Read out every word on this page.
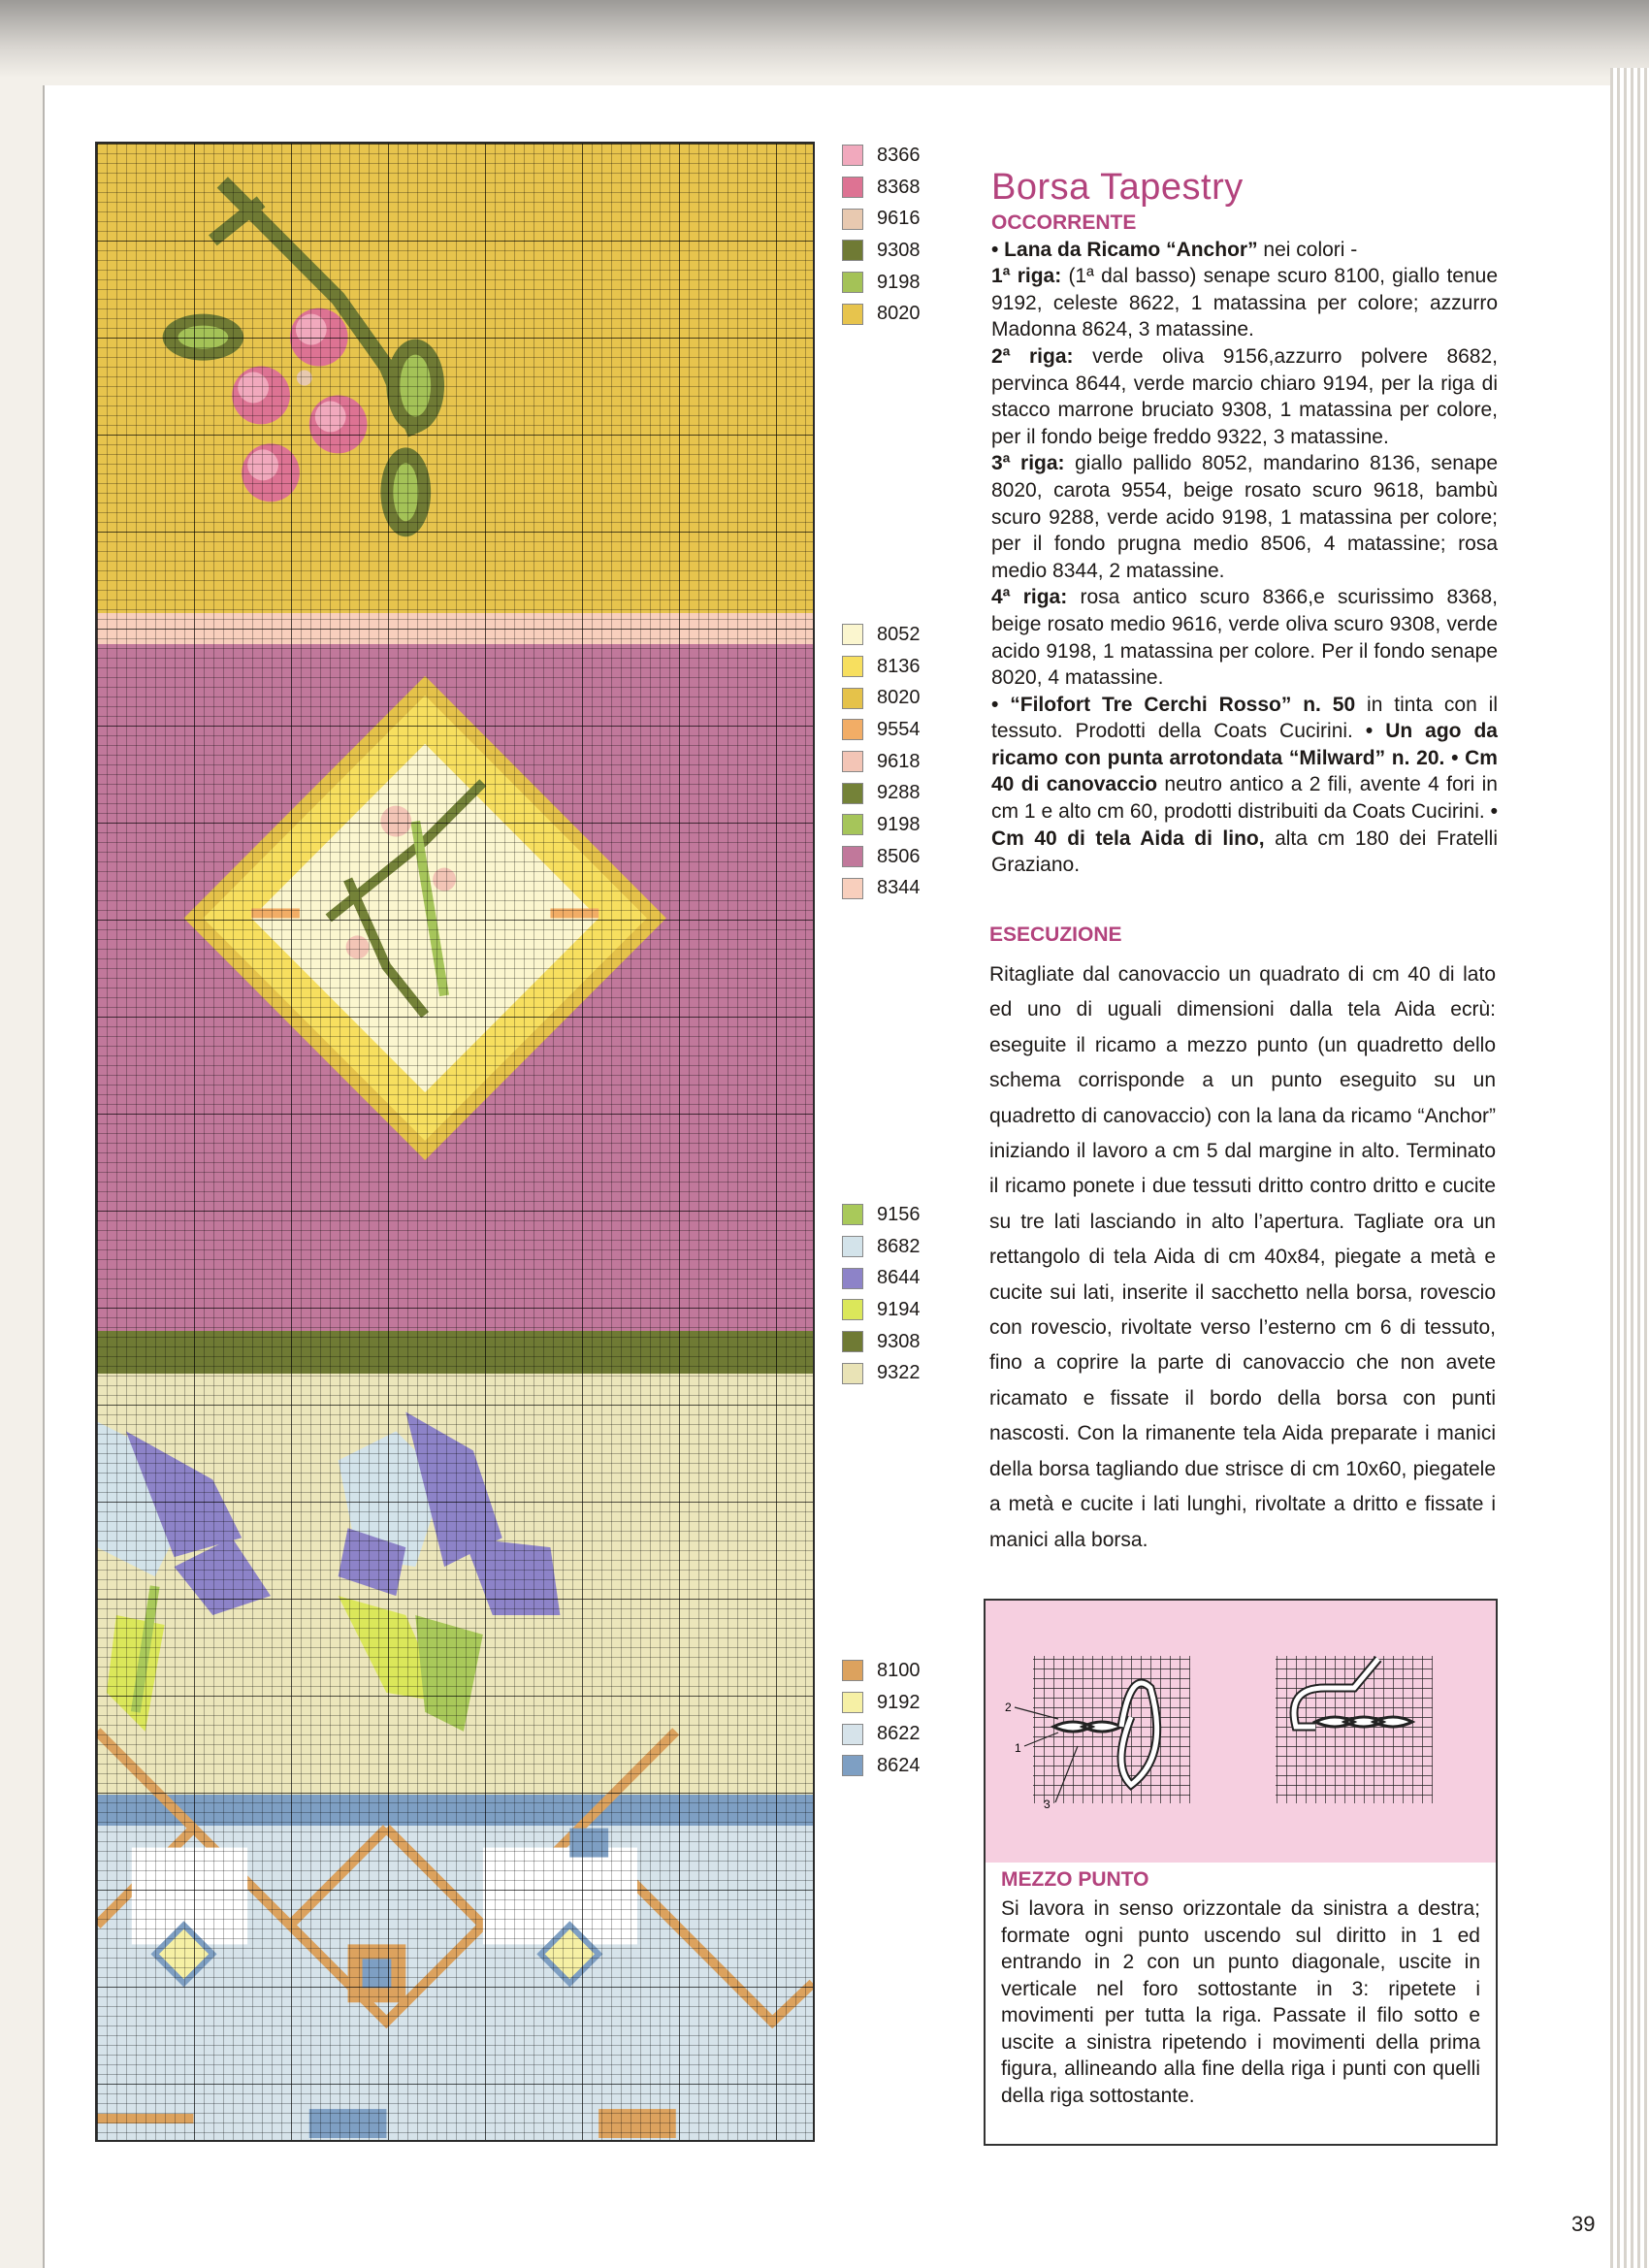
8366
8368
9616
9308
9198
8020
8052
8136
8020
9554
9618
9288
9198
8506
8344
9156
8682
8644
9194
9308
9322
8100
9192
8622
8624
Borsa Tapestry

OCCORRENTE

• Lana da Ricamo “Anchor” nei colori -

1ª riga: (1ª dal basso) senape scuro 8100, giallo tenue 9192, celeste 8622, 1 matassina per colore; azzurro Madonna 8624, 3 matassine.

2ª riga: verde oliva 9156,azzurro polvere 8682, pervinca 8644, verde marcio chiaro 9194, per la riga di stacco marrone bruciato 9308, 1 matassina per colore, per il fondo beige freddo 9322, 3 matassine.

3ª riga: giallo pallido 8052, mandarino 8136, senape 8020, carota 9554, beige rosato scuro 9618, bambù scuro 9288, verde acido 9198, 1 matassina per colore; per il fondo prugna medio 8506, 4 matassine; rosa medio 8344, 2 matassine.

4ª riga: rosa antico scuro 8366,e scurissimo 8368, beige rosato medio 9616, verde oliva scuro 9308, verde acido 9198, 1 matassina per colore. Per il fondo senape 8020, 4 matassine.

• “Filofort Tre Cerchi Rosso” n. 50 in tinta con il tessuto. Prodotti della Coats Cucirini. • Un ago da ricamo con punta arrotondata “Milward” n. 20. • Cm 40 di canovaccio neutro antico a 2 fili, avente 4 fori in cm 1 e alto cm 60, prodotti distribuiti da Coats Cucirini. • Cm 40 di tela Aida di lino, alta cm 180 dei Fratelli Graziano.

ESECUZIONE

Ritagliate dal canovaccio un quadrato di cm 40 di lato ed uno di uguali dimensioni dalla tela Aida ecrù: eseguite il ricamo a mezzo punto (un quadretto dello schema corrisponde a un punto eseguito su un quadretto di canovaccio) con la lana da ricamo “Anchor” iniziando il lavoro a cm 5 dal margine in alto. Terminato il ricamo ponete i due tessuti dritto contro dritto e cucite su tre lati lasciando in alto l’apertura. Tagliate ora un rettangolo di tela Aida di cm 40x84, piegate a metà e cucite sui lati, inserite il sacchetto nella borsa, rovescio con rovescio, rivoltate verso l’esterno cm 6 di tessuto, fino a coprire la parte di canovaccio che non avete ricamato e fissate il bordo della borsa con punti nascosti. Con la rimanente tela Aida preparate i manici della borsa tagliando due strisce di cm 10x60, piegatele a metà e cucite i lati lunghi, rivoltate a dritto e fissate i manici alla borsa.
2
1
3

MEZZO PUNTO

Si lavora in senso orizzontale da sinistra a destra; formate ogni punto uscendo sul diritto in 1 ed entrando in 2 con un punto diagonale, uscite in verticale nel foro sottostante in 3: ripetete i movimenti per tutta la riga. Passate il filo sotto e uscite a sinistra ripetendo i movimenti della prima figura, allineando alla fine della riga i punti con quelli della riga sottostante.

39
